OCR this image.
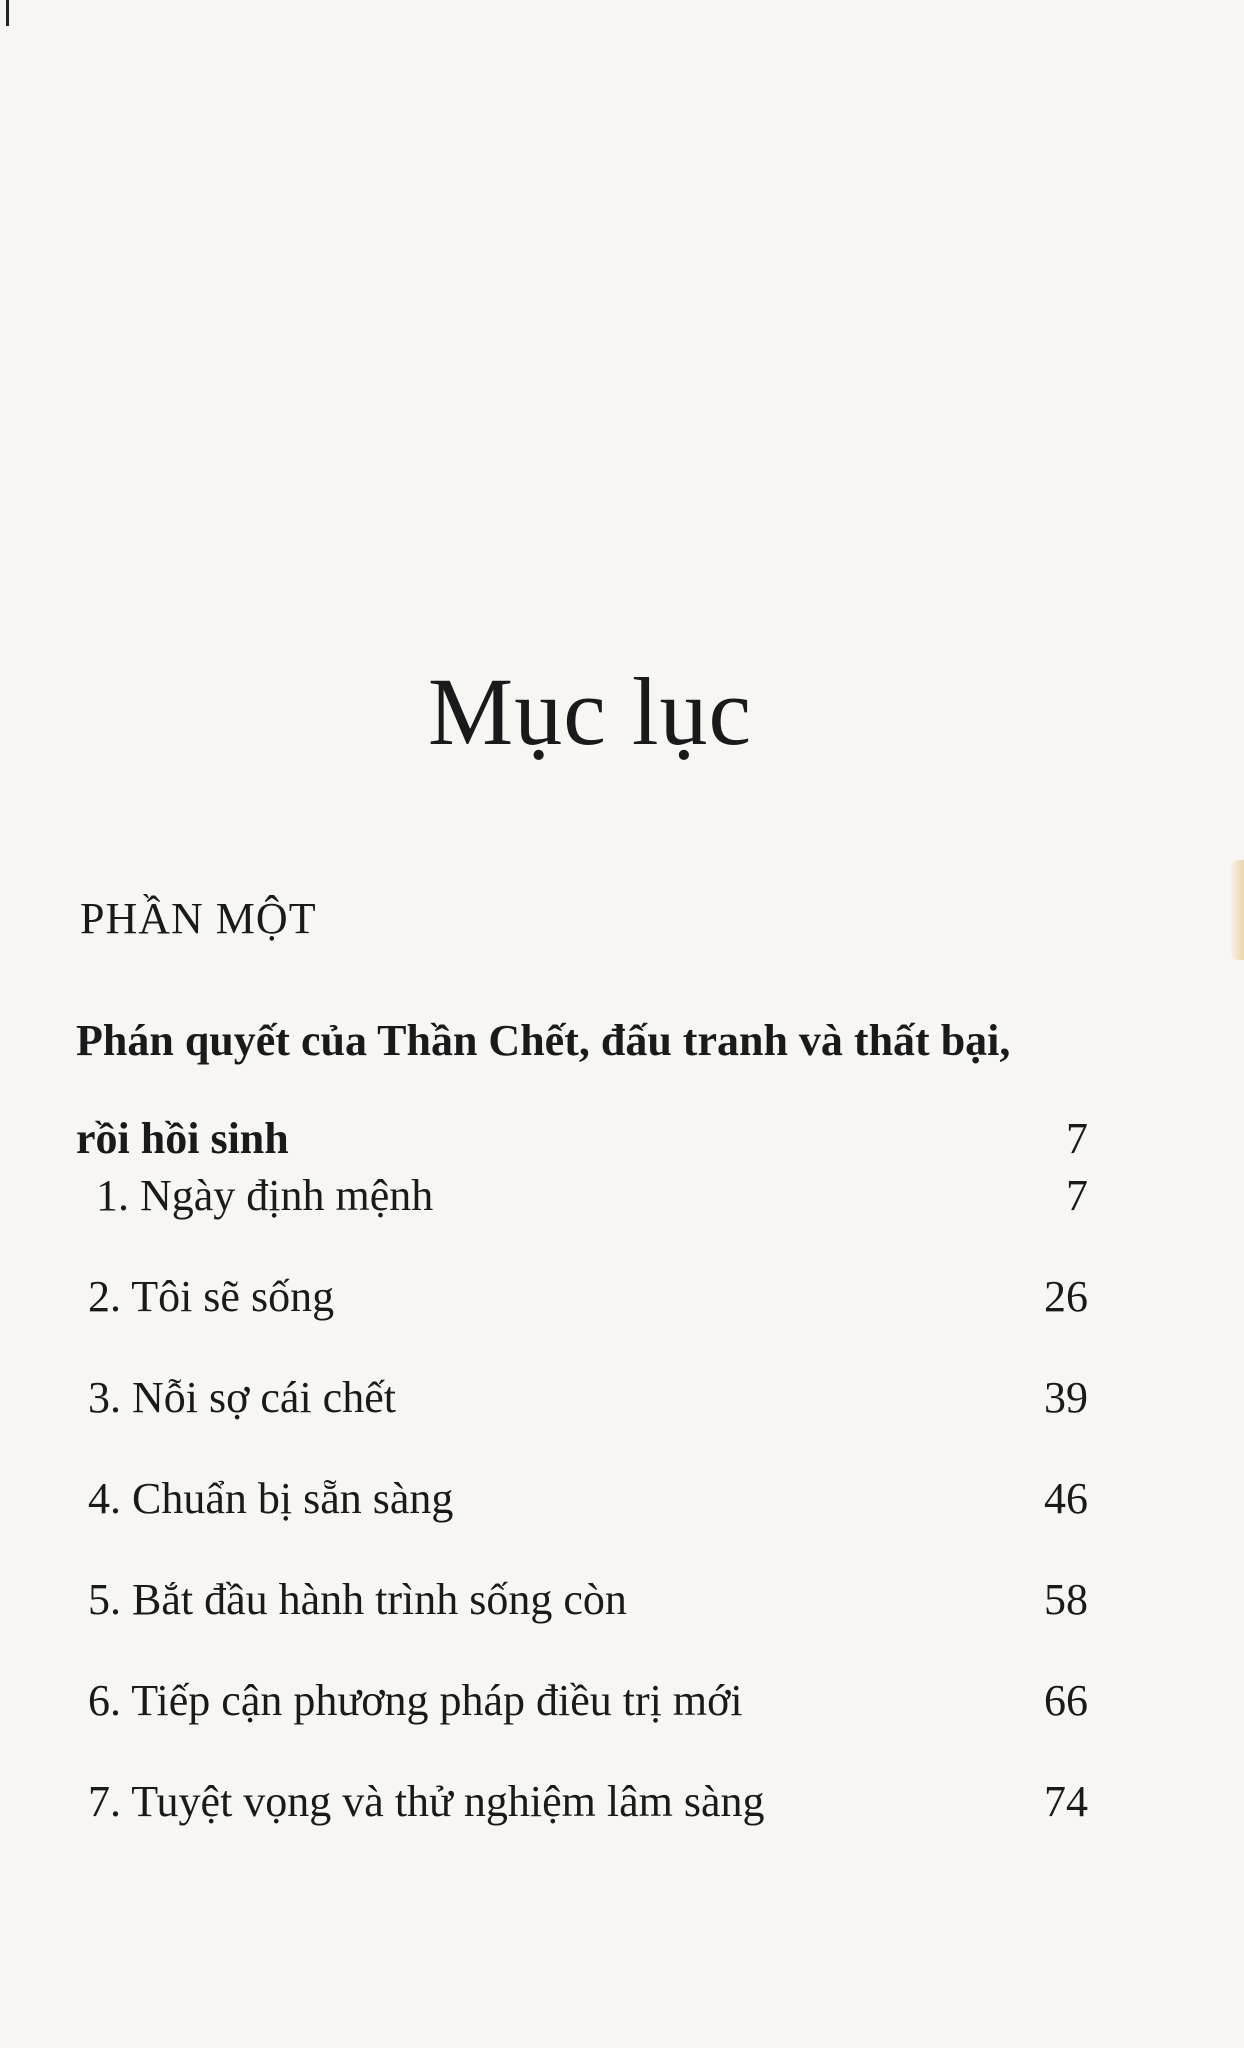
Mục lục
PHẦN MỘT
Phán quyết của Thần Chết, đấu tranh và thất bại,
rồi hồi sinh	7
1. Ngày định mệnh	7
2. Tôi sẽ sống	26
3. Nỗi sợ cái chết	39
4. Chuẩn bị sẵn sàng	46
5. Bắt đầu hành trình sống còn	58
6. Tiếp cận phương pháp điều trị mới	66
7. Tuyệt vọng và thử nghiệm lâm sàng	74
